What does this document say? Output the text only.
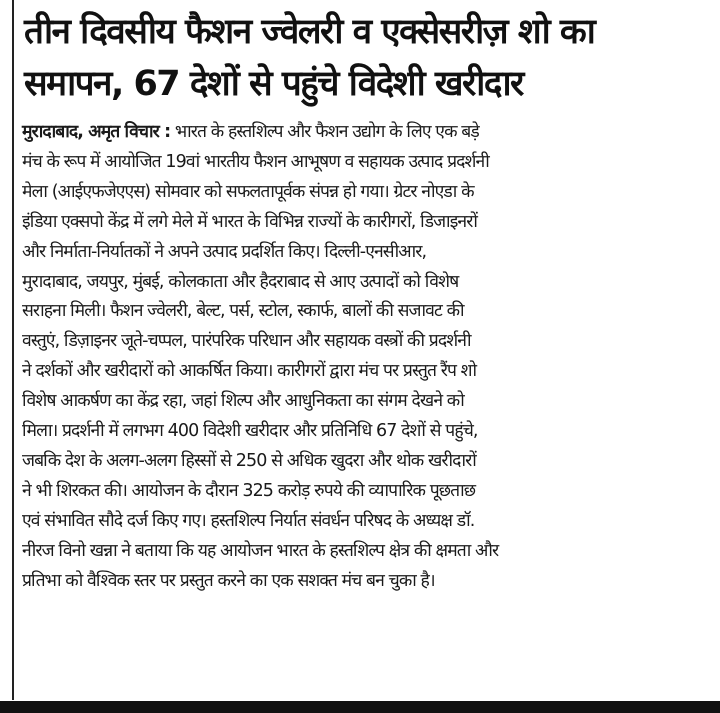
तीन दिवसीय फैशन ज्वेलरी व एक्सेसरीज़ शो का
समापन, 67 देशों से पहुंचे विदेशी खरीदार
मुरादाबाद, अमृत विचार : भारत के हस्तशिल्प और फैशन उद्योग के लिए एक बड़े
मंच के रूप में आयोजित 19वां भारतीय फैशन आभूषण व सहायक उत्पाद प्रदर्शनी
मेला (आईएफजेएएस) सोमवार को सफलतापूर्वक संपन्न हो गया। ग्रेटर नोएडा के
इंडिया एक्सपो केंद्र में लगे मेले में भारत के विभिन्न राज्यों के कारीगरों, डिजाइनरों
और निर्माता-निर्यातकों ने अपने उत्पाद प्रदर्शित किए। दिल्ली-एनसीआर,
मुरादाबाद, जयपुर, मुंबई, कोलकाता और हैदराबाद से आए उत्पादों को विशेष
सराहना मिली। फैशन ज्वेलरी, बेल्ट, पर्स, स्टोल, स्कार्फ, बालों की सजावट की
वस्तुएं, डिज़ाइनर जूते-चप्पल, पारंपरिक परिधान और सहायक वस्त्रों की प्रदर्शनी
ने दर्शकों और खरीदारों को आकर्षित किया। कारीगरों द्वारा मंच पर प्रस्तुत रैंप शो
विशेष आकर्षण का केंद्र रहा, जहां शिल्प और आधुनिकता का संगम देखने को
मिला। प्रदर्शनी में लगभग 400 विदेशी खरीदार और प्रतिनिधि 67 देशों से पहुंचे,
जबकि देश के अलग-अलग हिस्सों से 250 से अधिक खुदरा और थोक खरीदारों
ने भी शिरकत की। आयोजन के दौरान 325 करोड़ रुपये की व्यापारिक पूछताछ
एवं संभावित सौदे दर्ज किए गए। हस्तशिल्प निर्यात संवर्धन परिषद के अध्यक्ष डॉ.
नीरज विनो खन्ना ने बताया कि यह आयोजन भारत के हस्तशिल्प क्षेत्र की क्षमता और
प्रतिभा को वैश्विक स्तर पर प्रस्तुत करने का एक सशक्त मंच बन चुका है।
